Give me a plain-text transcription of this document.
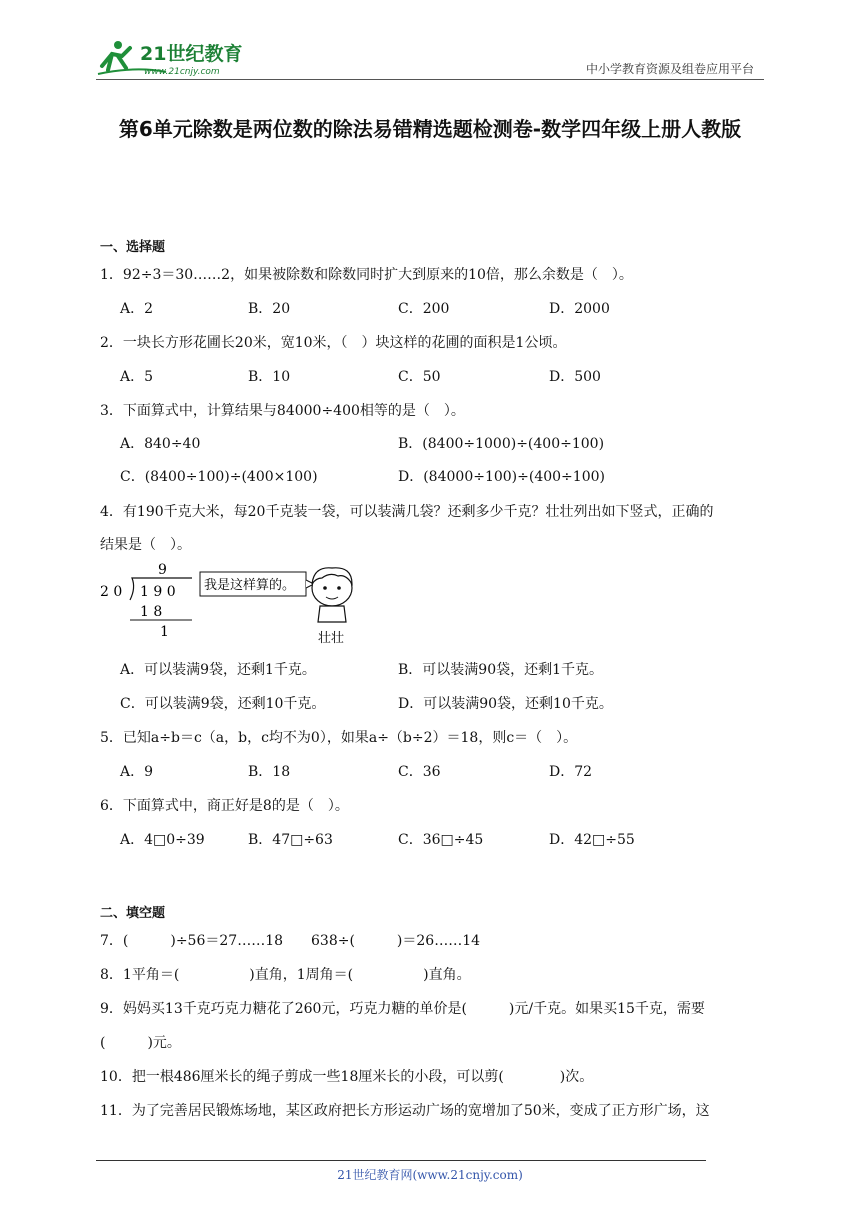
21世纪教育
www.21cnjy.com	中小学教育资源及组卷应用平台
第6单元除数是两位数的除法易错精选题检测卷-数学四年级上册人教版
一、选择题
1．92÷3＝30……2，如果被除数和除数同时扩大到原来的10倍，那么余数是（　）。
A．2	B．20	C．200	D．2000
2．一块长方形花圃长20米，宽10米，（　）块这样的花圃的面积是1公顷。
A．5	B．10	C．50	D．500
3．下面算式中，计算结果与84000÷400相等的是（　）。
A．840÷40	B．(8400÷1000)÷(400÷100)
C．(8400÷100)÷(400×100)	D．(84000÷100)÷(400÷100)
4．有190千克大米，每20千克装一袋，可以装满几袋？还剩多少千克？壮壮列出如下竖式，正确的
结果是（　）。
2 0
9
1 9 0
1 8
1
我是这样算的。
壮壮
A．可以装满9袋，还剩1千克。	B．可以装满90袋，还剩1千克。
C．可以装满9袋，还剩10千克。	D．可以装满90袋，还剩10千克。
5．已知a÷b＝c（a，b，c均不为0），如果a÷（b÷2）＝18，则c＝（　）。
A．9	B．18	C．36	D．72
6．下面算式中，商正好是8的是（　）。
A．4□0÷39	B．47□÷63	C．36□÷45	D．42□÷55
二、填空题
7．(　　　)÷56＝27……18　　638÷(　　　)＝26……14
8．1平角＝(　　　　　)直角，1周角＝(　　　　　)直角。
9．妈妈买13千克巧克力糖花了260元，巧克力糖的单价是(　　　)元/千克。如果买15千克，需要
(　　　)元。
10．把一根486厘米长的绳子剪成一些18厘米长的小段，可以剪(　　　　)次。
11．为了完善居民锻炼场地，某区政府把长方形运动广场的宽增加了50米，变成了正方形广场，这
21世纪教育网(www.21cnjy.com)
